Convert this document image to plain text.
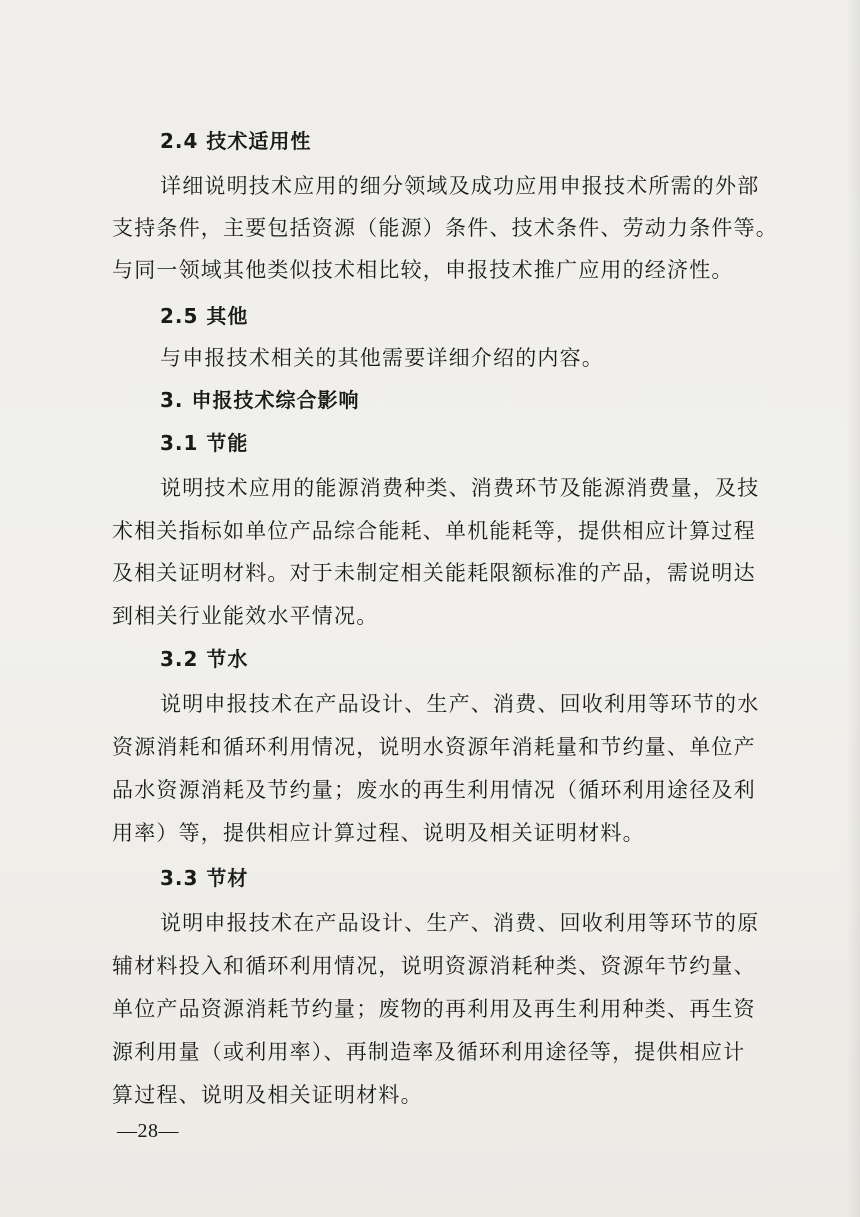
2.4 技术适用性
详细说明技术应用的细分领域及成功应用申报技术所需的外部
支持条件，主要包括资源（能源）条件、技术条件、劳动力条件等。
与同一领域其他类似技术相比较，申报技术推广应用的经济性。
2.5 其他
与申报技术相关的其他需要详细介绍的内容。
3. 申报技术综合影响
3.1 节能
说明技术应用的能源消费种类、消费环节及能源消费量，及技
术相关指标如单位产品综合能耗、单机能耗等，提供相应计算过程
及相关证明材料。对于未制定相关能耗限额标准的产品，需说明达
到相关行业能效水平情况。
3.2 节水
说明申报技术在产品设计、生产、消费、回收利用等环节的水
资源消耗和循环利用情况，说明水资源年消耗量和节约量、单位产
品水资源消耗及节约量；废水的再生利用情况（循环利用途径及利
用率）等，提供相应计算过程、说明及相关证明材料。
3.3 节材
说明申报技术在产品设计、生产、消费、回收利用等环节的原
辅材料投入和循环利用情况，说明资源消耗种类、资源年节约量、
单位产品资源消耗节约量；废物的再利用及再生利用种类、再生资
源利用量（或利用率）、再制造率及循环利用途径等，提供相应计
算过程、说明及相关证明材料。
—28—
